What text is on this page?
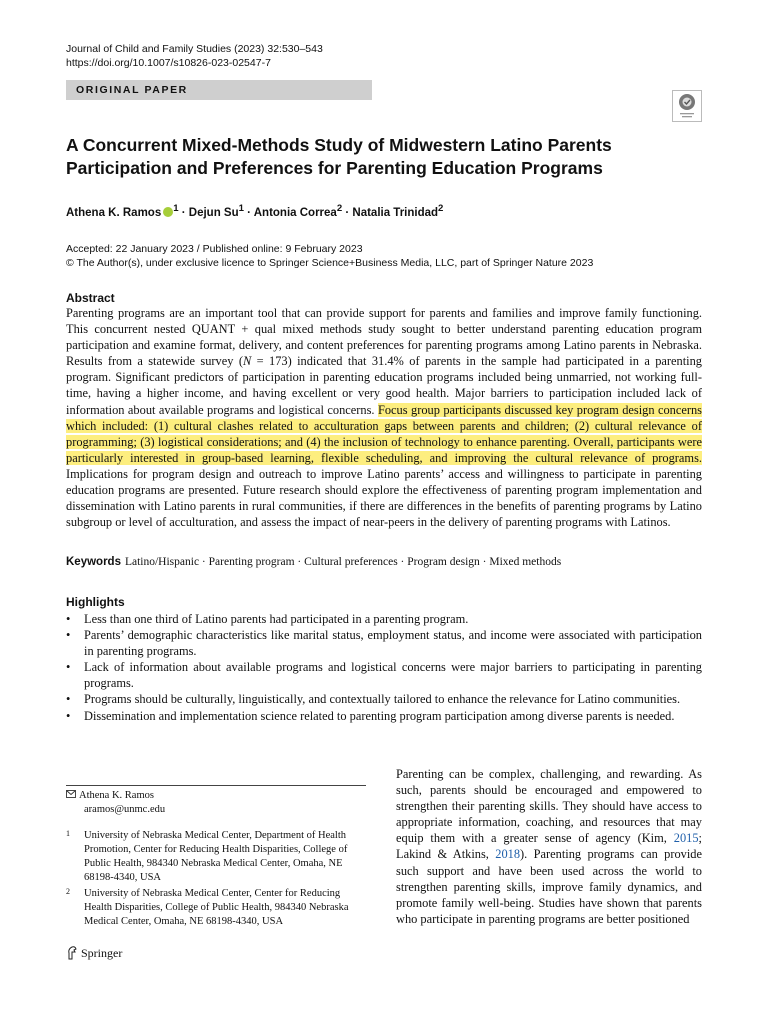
Journal of Child and Family Studies (2023) 32:530–543
https://doi.org/10.1007/s10826-023-02547-7
ORIGINAL PAPER
A Concurrent Mixed-Methods Study of Midwestern Latino Parents Participation and Preferences for Parenting Education Programs
Athena K. Ramos $^1$ · Dejun $Su^1$ · Antonia Correa$^2$ · Natalia Trinidad$^2$
Accepted: 22 January 2023 / Published online: 9 February 2023
© The Author(s), under exclusive licence to Springer Science+Business Media, LLC, part of Springer Nature 2023
Abstract
Parenting programs are an important tool that can provide support for parents and families and improve family functioning. This concurrent nested QUANT + qual mixed methods study sought to better understand parenting education program participation and examine format, delivery, and content preferences for parenting programs among Latino parents in Nebraska. Results from a statewide survey (N = 173) indicated that 31.4% of parents in the sample had participated in a parenting program. Significant predictors of participation in parenting education programs included being unmarried, not working full-time, having a higher income, and having excellent or very good health. Major barriers to participation included lack of information about available programs and logistical concerns. Focus group participants discussed key program design concerns which included: (1) cultural clashes related to acculturation gaps between parents and children; (2) cultural relevance of programming; (3) logistical considerations; and (4) the inclusion of technology to enhance parenting. Overall, participants were particularly interested in group-based learning, flexible scheduling, and improving the cultural relevance of programs. Implications for program design and outreach to improve Latino parents’ access and willingness to participate in parenting education programs are presented. Future research should explore the effectiveness of parenting program implementation and dissemination with Latino parents in rural communities, if there are differences in the benefits of parenting programs by Latino subgroup or level of acculturation, and assess the impact of near-peers in the delivery of parenting programs with Latinos.
Keywords Latino/Hispanic · Parenting program · Cultural preferences · Program design · Mixed methods
Highlights
• Less than one third of Latino parents had participated in a parenting program.
• Parents’ demographic characteristics like marital status, employment status, and income were associated with participation in parenting programs.
• Lack of information about available programs and logistical concerns were major barriers to participating in parenting programs.
• Programs should be culturally, linguistically, and contextually tailored to enhance the relevance for Latino communities.
• Dissemination and implementation science related to parenting program participation among diverse parents is needed.
Athena K. Ramos
aramos@unmc.edu
1 University of Nebraska Medical Center, Department of Health Promotion, Center for Reducing Health Disparities, College of Public Health, 984340 Nebraska Medical Center, Omaha, NE 68198-4340, USA
2 University of Nebraska Medical Center, Center for Reducing Health Disparities, College of Public Health, 984340 Nebraska Medical Center, Omaha, NE 68198-4340, USA
Parenting can be complex, challenging, and rewarding. As such, parents should be encouraged and empowered to strengthen their parenting skills. They should have access to appropriate information, coaching, and resources that may equip them with a greater sense of agency (Kim, 2015; Lakind & Atkins, 2018). Parenting programs can provide such support and have been used across the world to strengthen parenting skills, improve family dynamics, and promote family well-being. Studies have shown that parents who participate in parenting programs are better positioned
Springer
